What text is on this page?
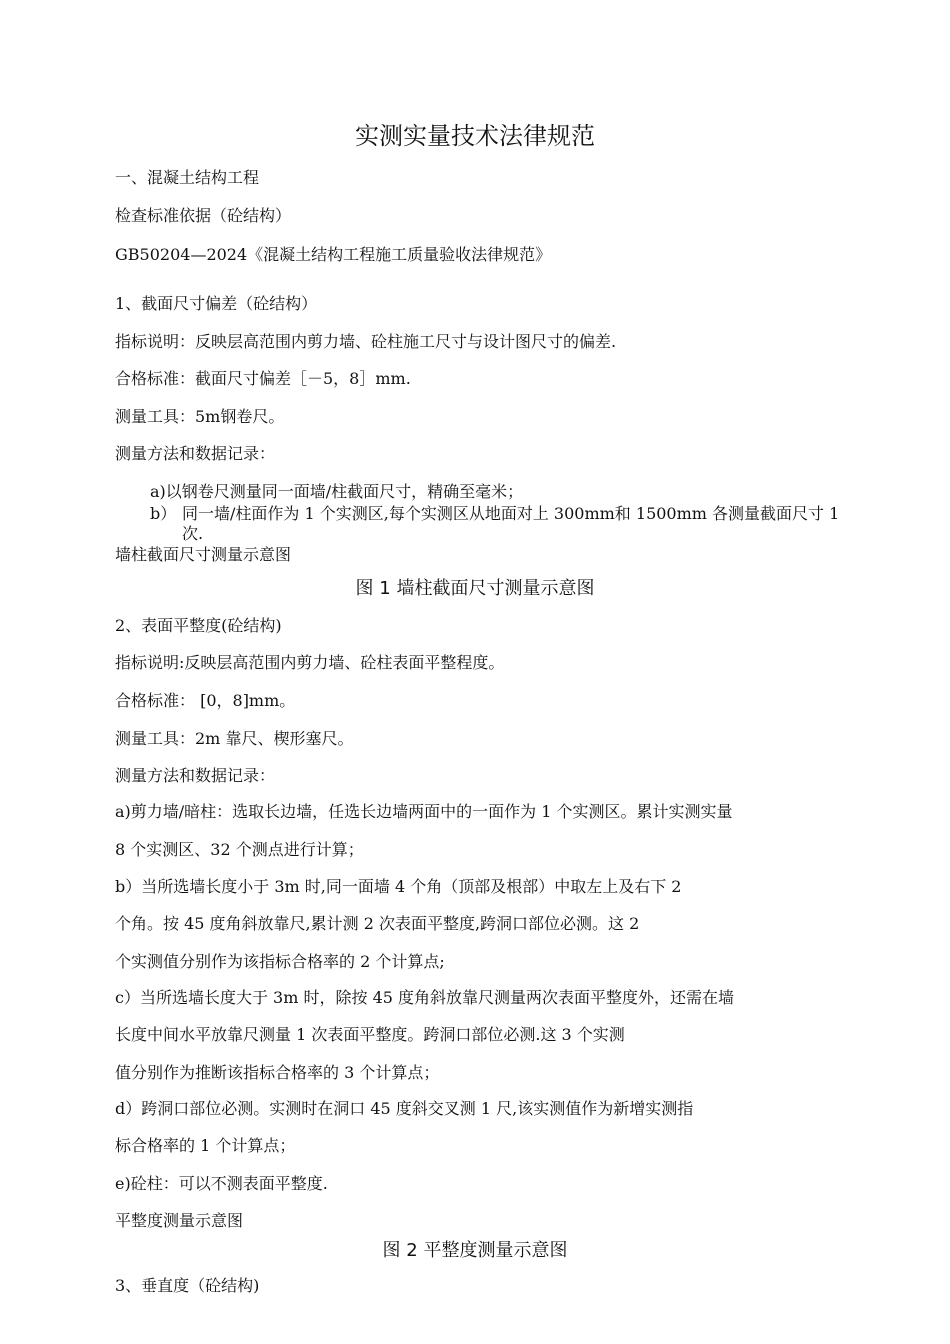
实测实量技术法律规范
一、混凝土结构工程
检查标准依据（砼结构）
GB50204—2024《混凝土结构工程施工质量验收法律规范》
1、截面尺寸偏差（砼结构）
指标说明：反映层高范围内剪力墙、砼柱施工尺寸与设计图尺寸的偏差.
合格标准：截面尺寸偏差［－5，8］mm.
测量工具：5m钢卷尺。
测量方法和数据记录：
a)以钢卷尺测量同一面墙/柱截面尺寸，精确至毫米；
b） 同一墙/柱面作为 1 个实测区,每个实测区从地面对上 300mm和 1500mm 各测量截面尺寸 1 次.
墙柱截面尺寸测量示意图
图 1 墙柱截面尺寸测量示意图
2、表面平整度(砼结构)
指标说明:反映层高范围内剪力墙、砼柱表面平整程度。
合格标准： [0，8]mm。
测量工具：2m 靠尺、楔形塞尺。
测量方法和数据记录：
a)剪力墙/暗柱：选取长边墙，任选长边墙两面中的一面作为 1 个实测区。累计实测实量
8 个实测区、32 个测点进行计算；
b）当所选墙长度小于 3m 时,同一面墙 4 个角（顶部及根部）中取左上及右下 2
个角。按 45 度角斜放靠尺,累计测 2 次表面平整度,跨洞口部位必测。这 2
个实测值分别作为该指标合格率的 2 个计算点;
c）当所选墙长度大于 3m 时，除按 45 度角斜放靠尺测量两次表面平整度外，还需在墙
长度中间水平放靠尺测量 1 次表面平整度。跨洞口部位必测.这 3 个实测
值分别作为推断该指标合格率的 3 个计算点；
d）跨洞口部位必测。实测时在洞口 45 度斜交叉测 1 尺,该实测值作为新增实测指
标合格率的 1 个计算点；
e)砼柱：可以不测表面平整度.
平整度测量示意图
图 2 平整度测量示意图
3、垂直度（砼结构)
